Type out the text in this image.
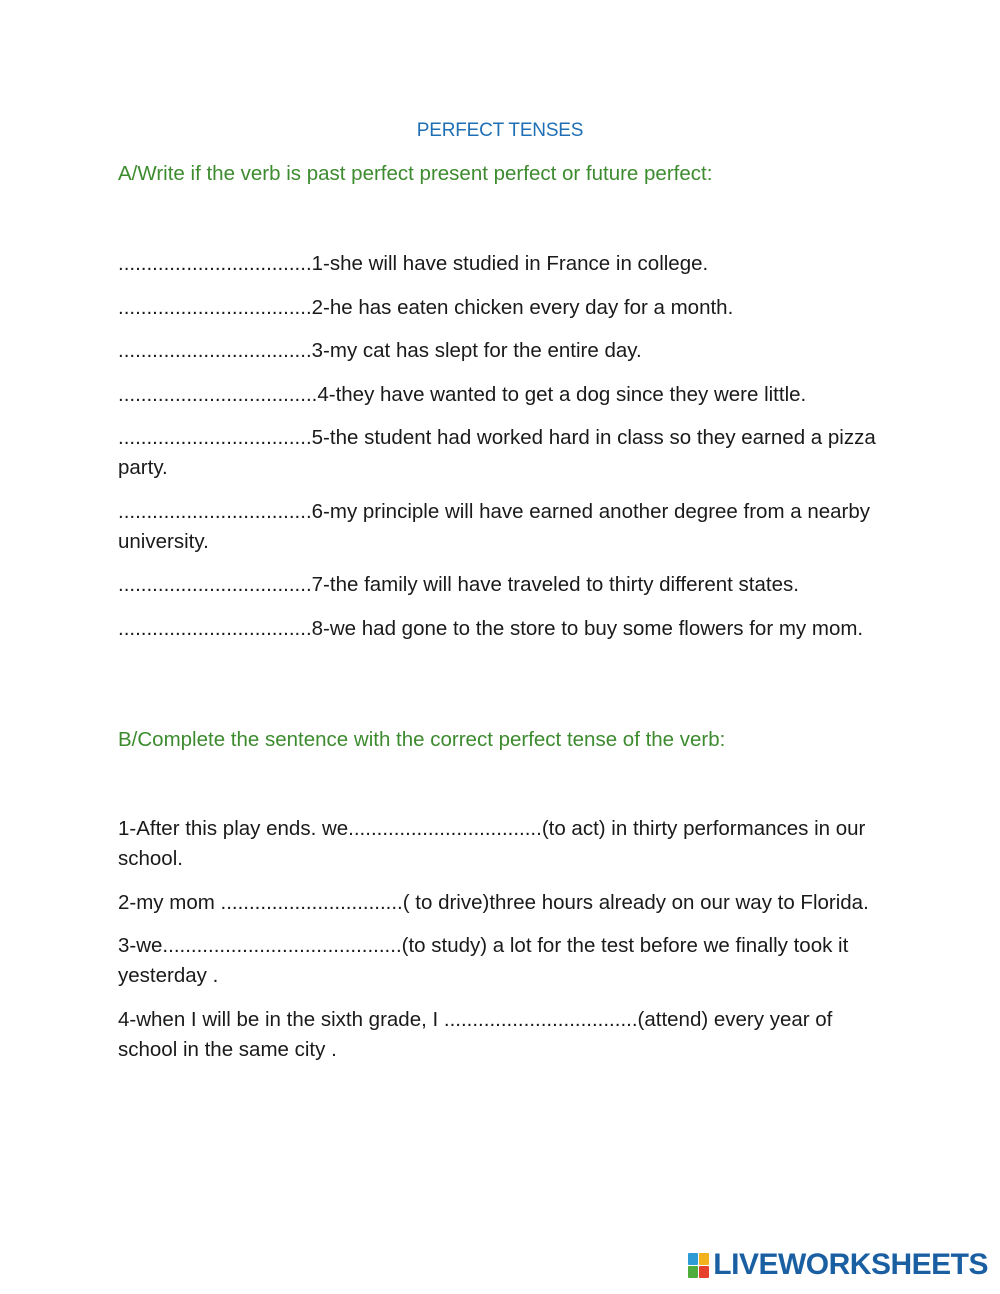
PERFECT TENSES
A/Write if the verb is past perfect present perfect or future perfect:
..................................1-she will have studied in France in college.
..................................2-he has eaten chicken every day for a month.
..................................3-my cat has slept for the entire day.
...................................4-they have wanted to get a dog since they were little.
..................................5-the student had worked hard in class so they earned a pizza party.
..................................6-my principle will have earned another degree from a nearby university.
..................................7-the family will have traveled to thirty different states.
..................................8-we had gone to the store to buy some flowers for my mom.
B/Complete the sentence with the correct perfect tense of the verb:
1-After this play ends. we..................................(to act) in thirty performances in our school.
2-my mom ................................( to drive)three hours already on our way to Florida.
3-we..........................................(to study) a lot for the test before we finally took it yesterday .
4-when I will be in the sixth grade, I ..................................(attend) every year of school in the same city .
LIVEWORKSHEETS
